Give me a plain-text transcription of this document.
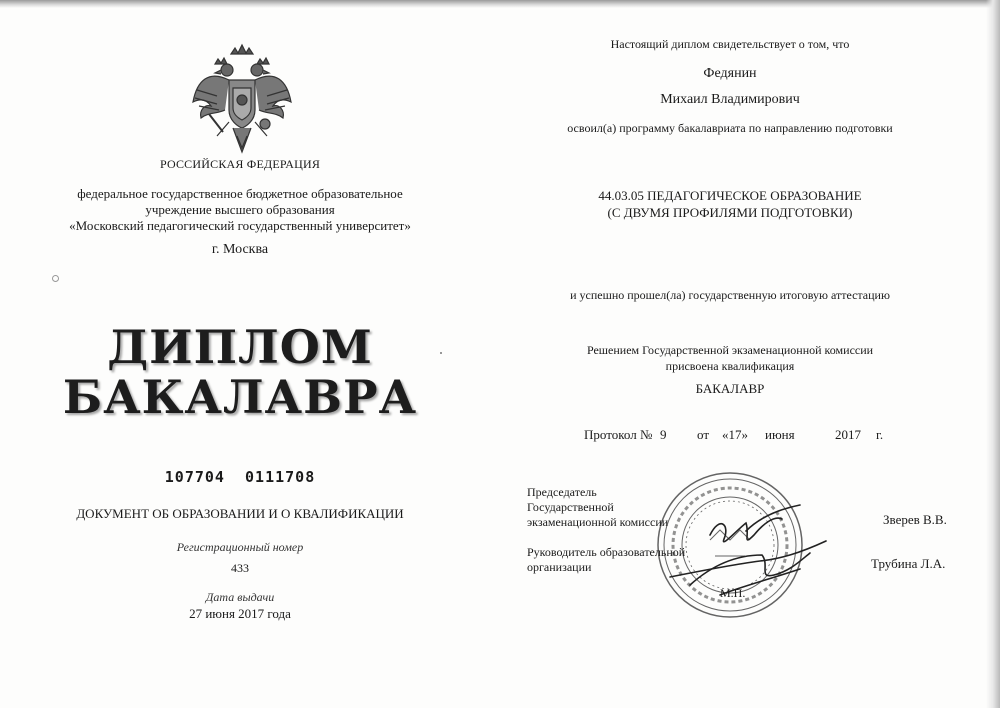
РОССИЙСКАЯ ФЕДЕРАЦИЯ
федеральное государственное бюджетное образовательное
учреждение высшего образования
«Московский педагогический государственный университет»
г. Москва
ДИПЛОМ
БАКАЛАВРА
107704  0111708
ДОКУМЕНТ ОБ ОБРАЗОВАНИИ И О КВАЛИФИКАЦИИ
Регистрационный номер
433
Дата выдачи
27 июня 2017 года
Настоящий диплом свидетельствует о том, что
Федянин
Михаил Владимирович
освоил(а) программу бакалавриата по направлению подготовки
44.03.05 ПЕДАГОГИЧЕСКОЕ ОБРАЗОВАНИЕ
(С ДВУМЯ ПРОФИЛЯМИ ПОДГОТОВКИ)
и успешно прошел(ла) государственную итоговую аттестацию
Решением Государственной экзаменационной комиссии
присвоена квалификация
БАКАЛАВР
Протокол № 9 от «17» июня	2017 г.
Председатель
Государственной
экзаменационной комиссии	Зверев В.В.
Руководитель образовательной
организации	Трубина Л.А.
М.П.
